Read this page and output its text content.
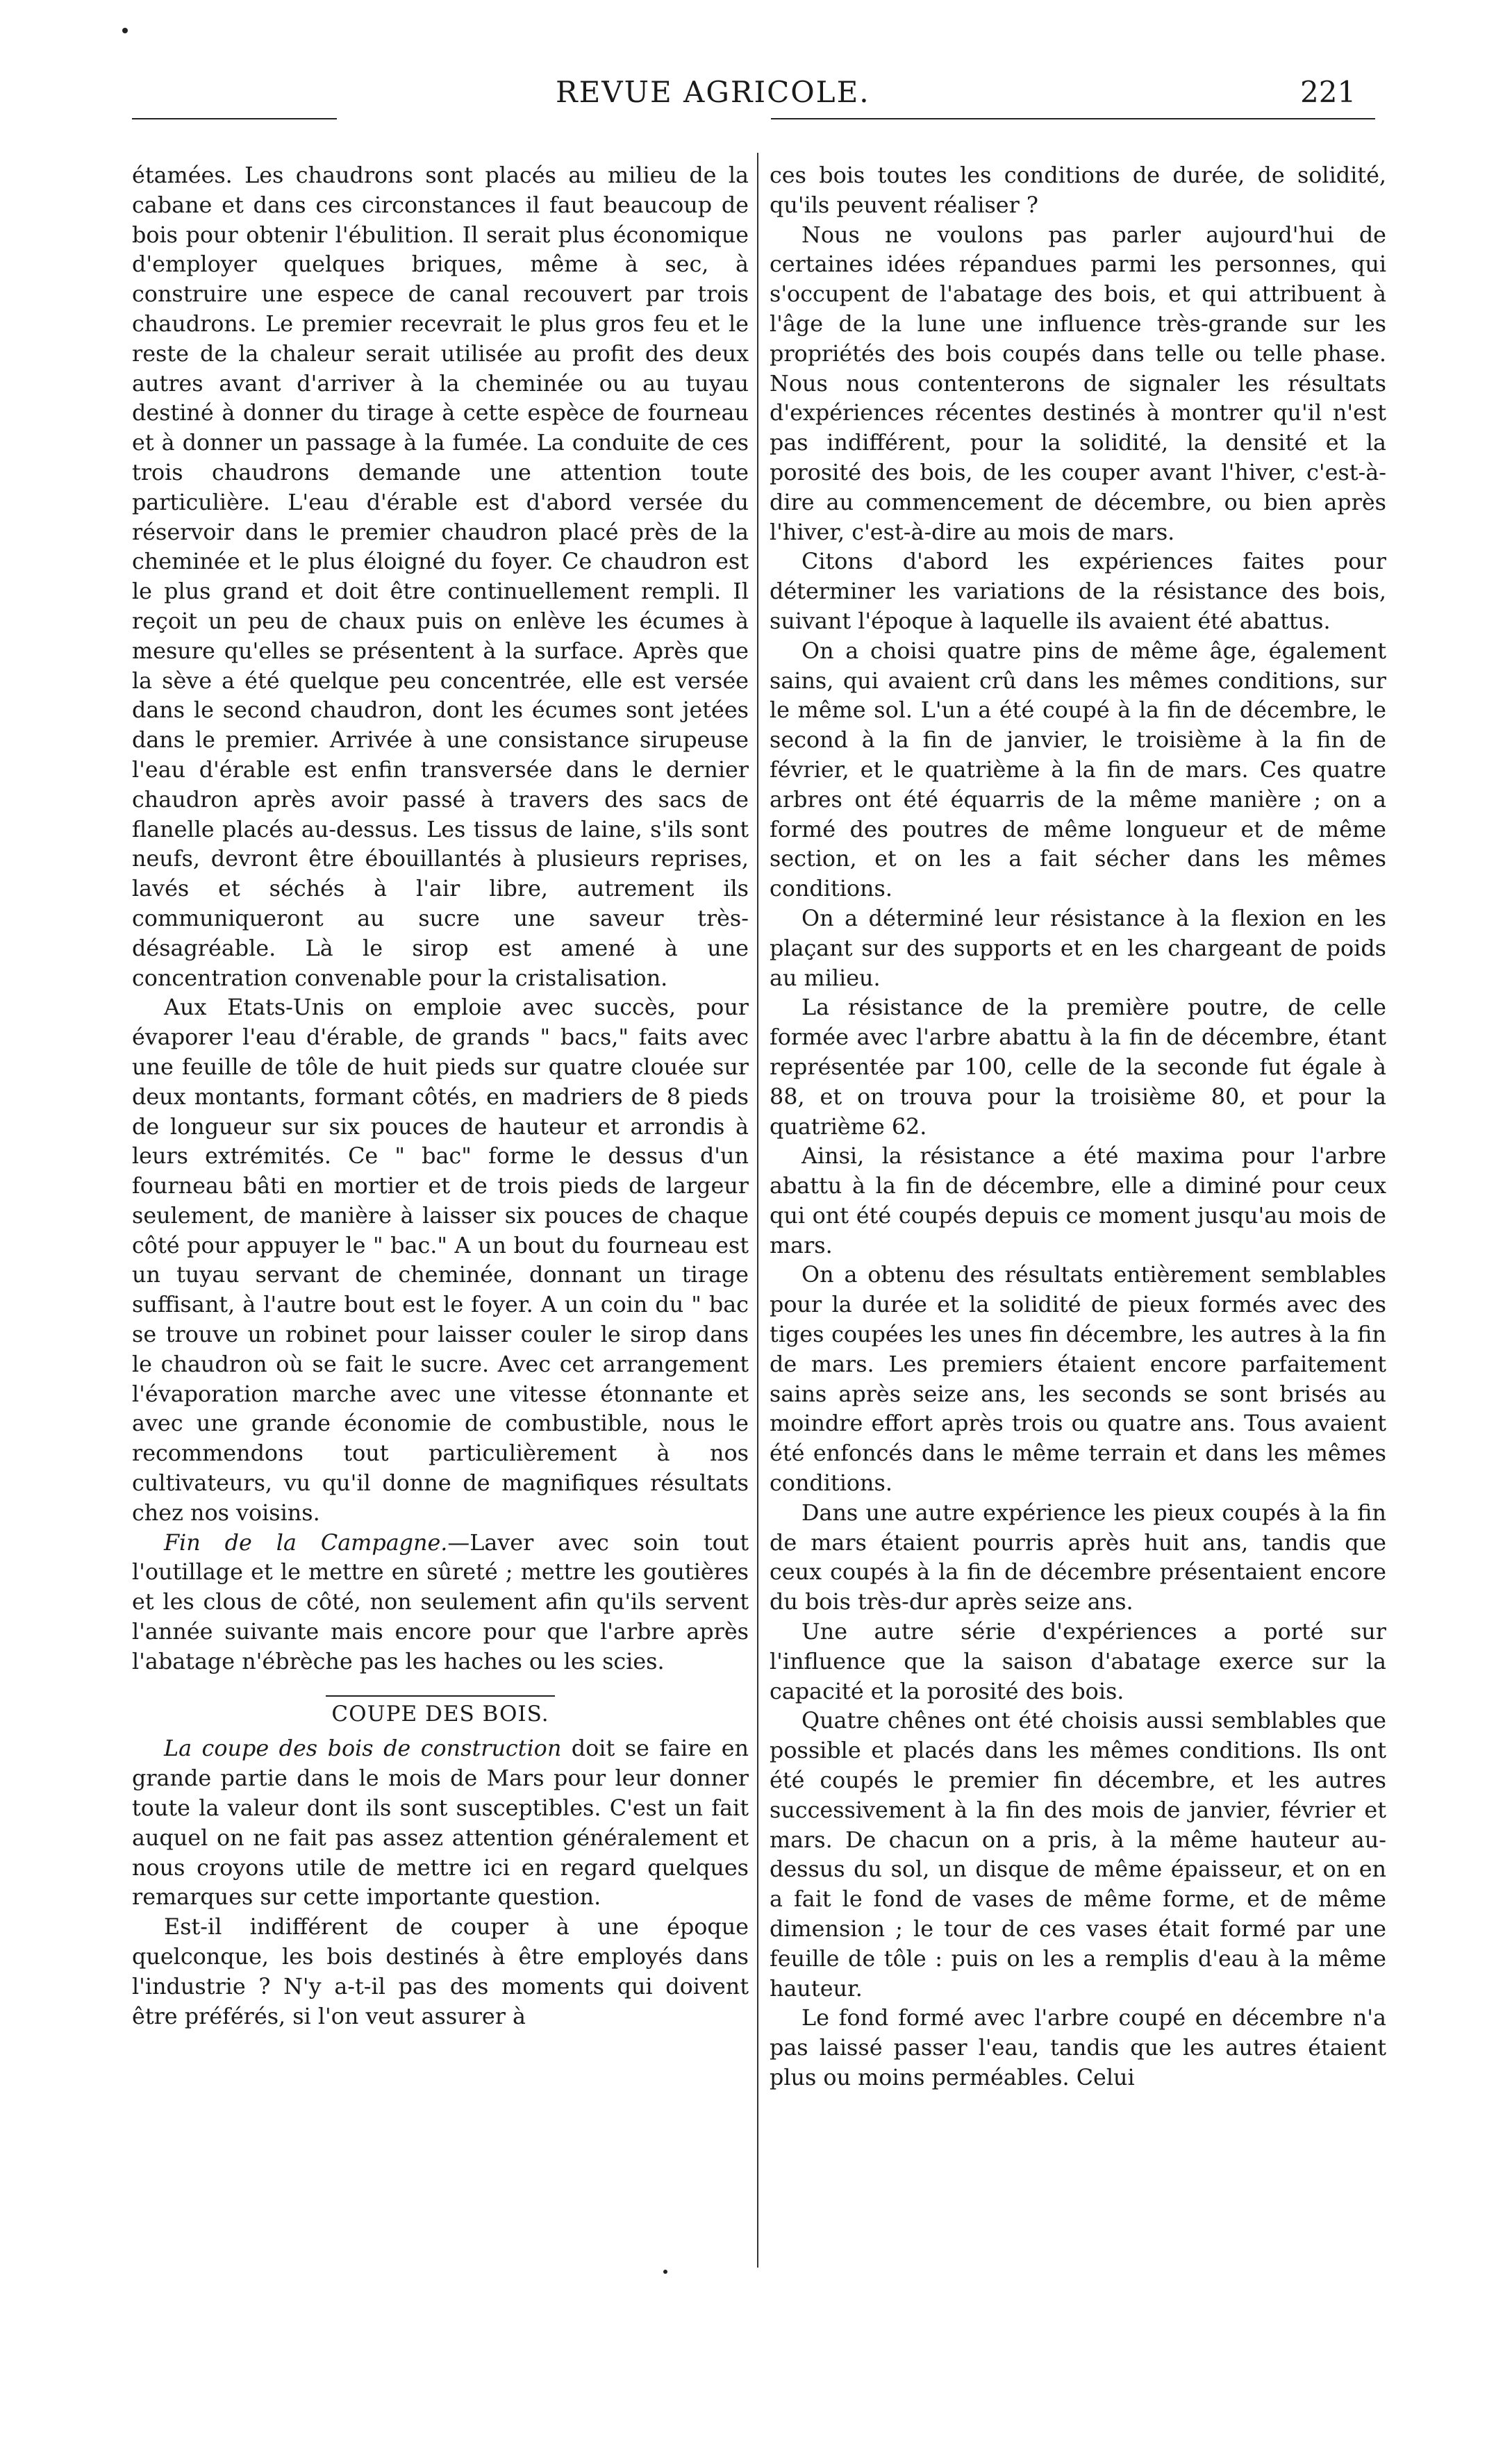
REVUE AGRICOLE.	221

étamées. Les chaudrons sont placés au milieu de la cabane et dans ces circonstances il faut beaucoup de bois pour obtenir l'ébulition. Il serait plus économique d'employer quelques briques, même à sec, à construire une espece de canal recouvert par trois chaudrons. Le premier recevrait le plus gros feu et le reste de la chaleur serait utilisée au profit des deux autres avant d'arriver à la cheminée ou au tuyau destiné à donner du tirage à cette espèce de fourneau et à donner un passage à la fumée. La conduite de ces trois chaudrons demande une attention toute particulière. L'eau d'érable est d'abord versée du réservoir dans le premier chaudron placé près de la cheminée et le plus éloigné du foyer. Ce chaudron est le plus grand et doit être continuellement rempli. Il reçoit un peu de chaux puis on enlève les écumes à mesure qu'elles se présentent à la surface. Après que la sève a été quelque peu concentrée, elle est versée dans le second chaudron, dont les écumes sont jetées dans le premier. Arrivée à une consistance sirupeuse l'eau d'érable est enfin transversée dans le dernier chaudron après avoir passé à travers des sacs de flanelle placés au-dessus. Les tissus de laine, s'ils sont neufs, devront être ébouillantés à plusieurs reprises, lavés et séchés à l'air libre, autrement ils communiqueront au sucre une saveur très-désagréable. Là le sirop est amené à une concentration convenable pour la cristalisation.

Aux Etats-Unis on emploie avec succès, pour évaporer l'eau d'érable, de grands " bacs," faits avec une feuille de tôle de huit pieds sur quatre clouée sur deux montants, formant côtés, en madriers de 8 pieds de longueur sur six pouces de hauteur et arrondis à leurs extrémités. Ce " bac" forme le dessus d'un fourneau bâti en mortier et de trois pieds de largeur seulement, de manière à laisser six pouces de chaque côté pour appuyer le " bac." A un bout du fourneau est un tuyau servant de cheminée, donnant un tirage suffisant, à l'autre bout est le foyer. A un coin du " bac se trouve un robinet pour laisser couler le sirop dans le chaudron où se fait le sucre. Avec cet arrangement l'évaporation marche avec une vitesse étonnante et avec une grande économie de combustible, nous le recommendons tout particulièrement à nos cultivateurs, vu qu'il donne de magnifiques résultats chez nos voisins.

Fin de la Campagne.—Laver avec soin tout l'outillage et le mettre en sûreté ; mettre les goutières et les clous de côté, non seulement afin qu'ils servent l'année suivante mais encore pour que l'arbre après l'abatage n'ébrèche pas les haches ou les scies.

COUPE DES BOIS.

La coupe des bois de construction doit se faire en grande partie dans le mois de Mars pour leur donner toute la valeur dont ils sont susceptibles. C'est un fait auquel on ne fait pas assez attention généralement et nous croyons utile de mettre ici en regard quelques remarques sur cette importante question.

Est-il indifférent de couper à une époque quelconque, les bois destinés à être employés dans l'industrie ? N'y a-t-il pas des moments qui doivent être préférés, si l'on veut assurer à

ces bois toutes les conditions de durée, de solidité, qu'ils peuvent réaliser ?

Nous ne voulons pas parler aujourd'hui de certaines idées répandues parmi les personnes, qui s'occupent de l'abatage des bois, et qui attribuent à l'âge de la lune une influence très-grande sur les propriétés des bois coupés dans telle ou telle phase. Nous nous contenterons de signaler les résultats d'expériences récentes destinés à montrer qu'il n'est pas indifférent, pour la solidité, la densité et la porosité des bois, de les couper avant l'hiver, c'est-à-dire au commencement de décembre, ou bien après l'hiver, c'est-à-dire au mois de mars.

Citons d'abord les expériences faites pour déterminer les variations de la résistance des bois, suivant l'époque à laquelle ils avaient été abattus.

On a choisi quatre pins de même âge, également sains, qui avaient crû dans les mêmes conditions, sur le même sol. L'un a été coupé à la fin de décembre, le second à la fin de janvier, le troisième à la fin de février, et le quatrième à la fin de mars. Ces quatre arbres ont été équarris de la même manière ; on a formé des poutres de même longueur et de même section, et on les a fait sécher dans les mêmes conditions.

On a déterminé leur résistance à la flexion en les plaçant sur des supports et en les chargeant de poids au milieu.

La résistance de la première poutre, de celle formée avec l'arbre abattu à la fin de décembre, étant représentée par 100, celle de la seconde fut égale à 88, et on trouva pour la troisième 80, et pour la quatrième 62.

Ainsi, la résistance a été maxima pour l'arbre abattu à la fin de décembre, elle a diminé pour ceux qui ont été coupés depuis ce moment jusqu'au mois de mars.

On a obtenu des résultats entièrement semblables pour la durée et la solidité de pieux formés avec des tiges coupées les unes fin décembre, les autres à la fin de mars. Les premiers étaient encore parfaitement sains après seize ans, les seconds se sont brisés au moindre effort après trois ou quatre ans. Tous avaient été enfoncés dans le même terrain et dans les mêmes conditions.

Dans une autre expérience les pieux coupés à la fin de mars étaient pourris après huit ans, tandis que ceux coupés à la fin de décembre présentaient encore du bois très-dur après seize ans.

Une autre série d'expériences a porté sur l'influence que la saison d'abatage exerce sur la capacité et la porosité des bois.

Quatre chênes ont été choisis aussi semblables que possible et placés dans les mêmes conditions. Ils ont été coupés le premier fin décembre, et les autres successivement à la fin des mois de janvier, février et mars. De chacun on a pris, à la même hauteur au-dessus du sol, un disque de même épaisseur, et on en a fait le fond de vases de même forme, et de même dimension ; le tour de ces vases était formé par une feuille de tôle : puis on les a remplis d'eau à la même hauteur.

Le fond formé avec l'arbre coupé en décembre n'a pas laissé passer l'eau, tandis que les autres étaient plus ou moins perméables. Celui
